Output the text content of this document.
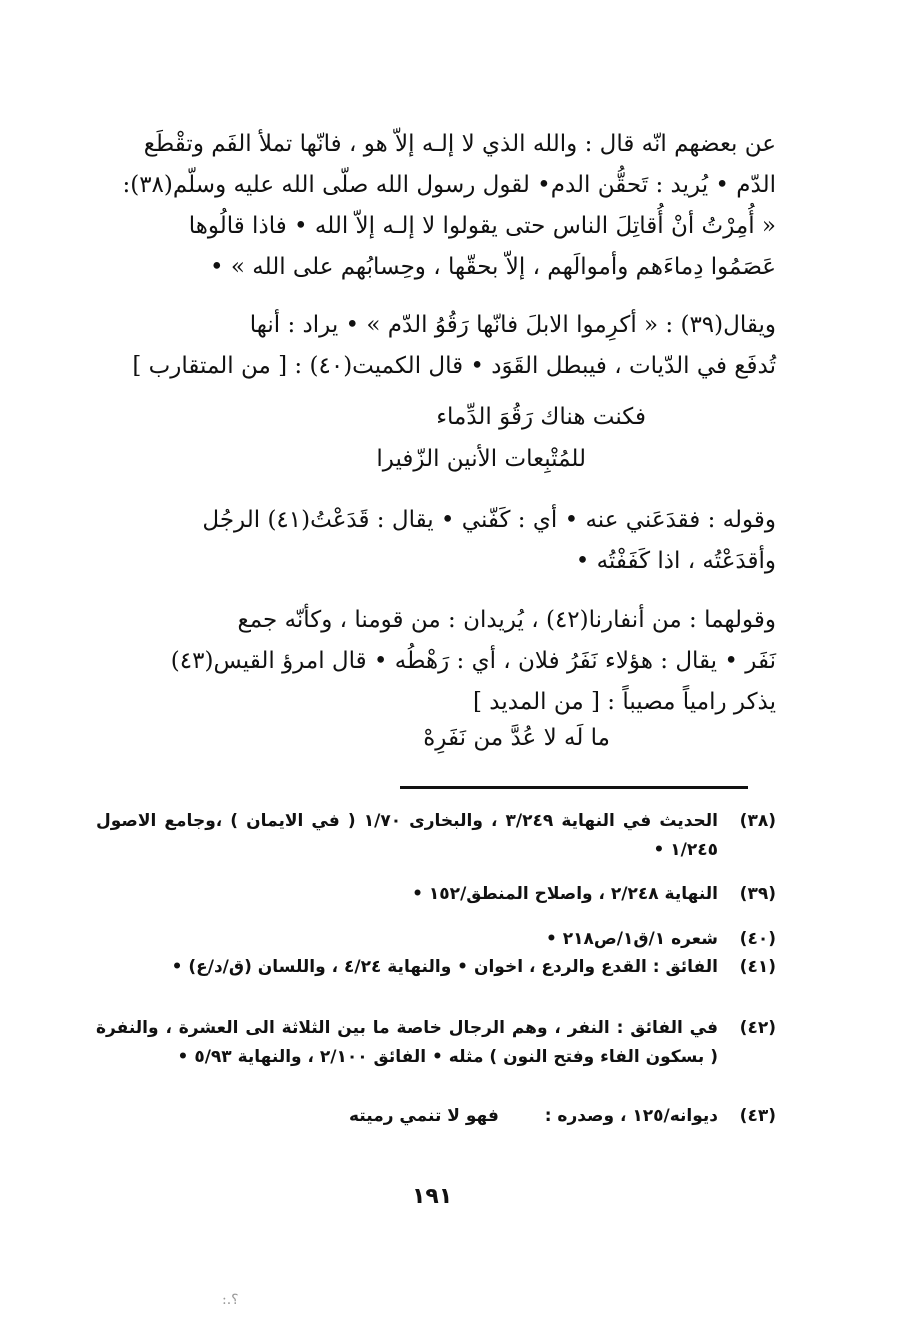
عن بعضهم انّه قال : والله الذي لا إلـه إلاّ هو ، فانّها تملأ الفَم وتقْطَع
الدّم • يُريد : تَحقُّن الدم• لقول رسول الله صلّى الله عليه وسلّم(٣٨):
« أُمِرْتُ أنْ أُقاتِلَ الناس حتى يقولوا لا إلـه إلاّ الله • فاذا قالُوها
عَصَمُوا دِماءَهم وأموالَهم ، إلاّ بحقّها ، وحِسابُهم على الله » •
ويقال(٣٩) : « أكرِموا الابلَ فانّها رَقُوُ الدّم » • يراد : أنها
تُدفَع في الدّيات ، فيبطل القَوَد • قال الكميت(٤٠) : [ من المتقارب ]
فكنت هناك رَقُوَ الدِّماء
للمُتْبِعات الأنين الزّفيرا
وقوله : فقدَعَني عنه • أي : كَفّني • يقال : قَدَعْتُ(٤١) الرجُل
وأقدَعْتُه ، اذا كَفَفْتُه •
وقولهما : من أنفارنا(٤٢) ، يُريدان : من قومنا ، وكأنّه جمع
نَفَر • يقال : هؤلاء نَفَرُ فلان ، أي : رَهْطُه • قال امرؤ القيس(٤٣)
يذكر رامياً مصيباً : [ من المديد ]
ما لَه لا عُدَّ من نَفَرِهْ
(٣٨)
الحديث في النهاية ٣/٢٤٩ ، والبخارى ١/٧٠ ( في الايمان ) ،وجامع الاصول ١/٢٤٥ •
(٣٩)
النهاية ٢/٢٤٨ ، واصلاح المنطق/١٥٢ •
(٤٠)
شعره ١/ق١/ص٢١٨ •
(٤١)
الفائق : القدع والردع ، اخوان • والنهاية ٤/٢٤ ، واللسان (ق/د/ع) •
(٤٢)
في الفائق : النفر ، وهم الرجال خاصة ما بين الثلاثة الى العشرة ، والنفرة ( بسكون الفاء وفتح النون ) مثله • الفائق ٢/١٠٠ ، والنهاية ٥/٩٣ •
(٤٣)
ديوانه/١٢٥ ، وصدره :  فهو لا تنمي رميته
١٩١
؟.:
